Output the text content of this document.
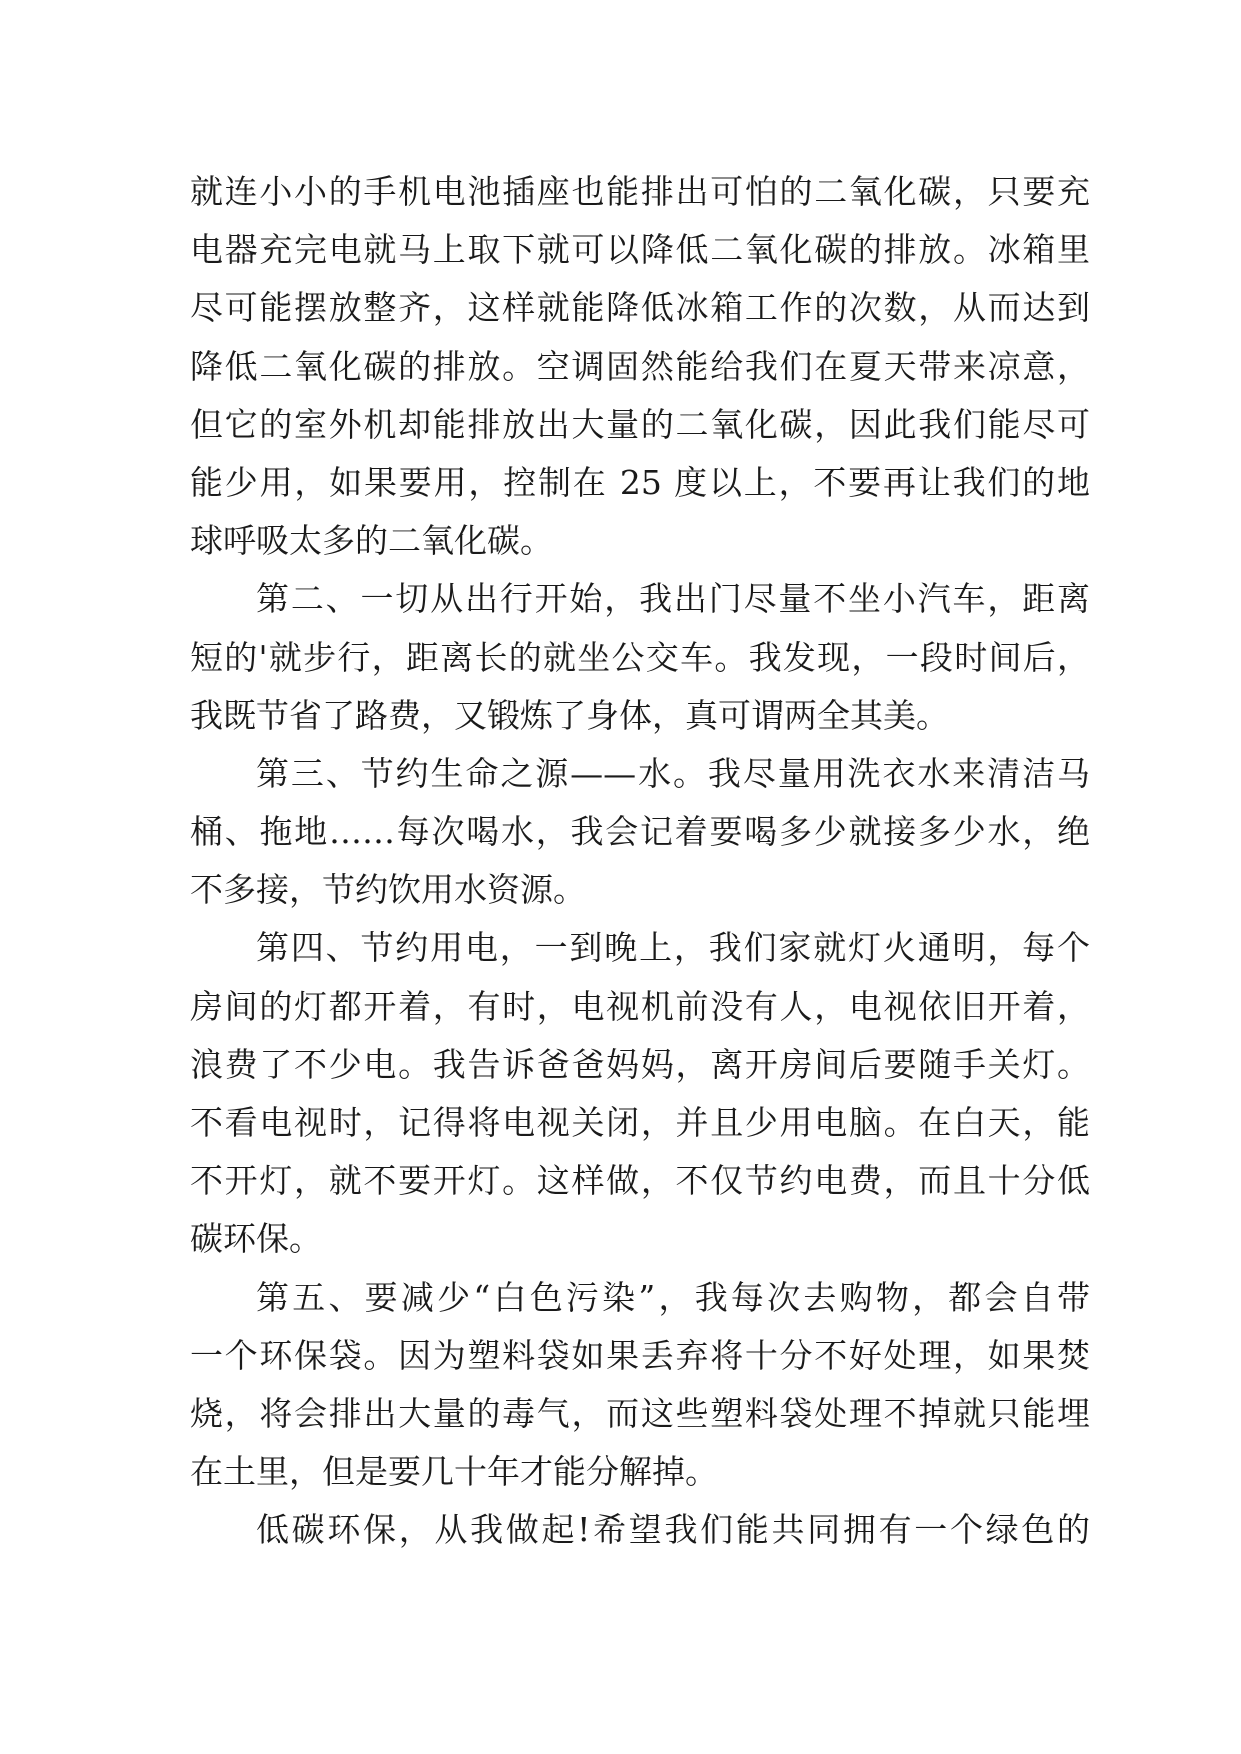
就连小小的手机电池插座也能排出可怕的二氧化碳，只要充
电器充完电就马上取下就可以降低二氧化碳的排放。冰箱里
尽可能摆放整齐，这样就能降低冰箱工作的次数，从而达到
降低二氧化碳的排放。空调固然能给我们在夏天带来凉意，
但它的室外机却能排放出大量的二氧化碳，因此我们能尽可
能少用，如果要用，控制在 25 度以上，不要再让我们的地
球呼吸太多的二氧化碳。
第二、一切从出行开始，我出门尽量不坐小汽车，距离
短的'就步行，距离长的就坐公交车。我发现，一段时间后，
我既节省了路费，又锻炼了身体，真可谓两全其美。
第三、节约生命之源——水。我尽量用洗衣水来清洁马
桶、拖地……每次喝水，我会记着要喝多少就接多少水，绝
不多接，节约饮用水资源。
第四、节约用电，一到晚上，我们家就灯火通明，每个
房间的灯都开着，有时，电视机前没有人，电视依旧开着，
浪费了不少电。我告诉爸爸妈妈，离开房间后要随手关灯。
不看电视时，记得将电视关闭，并且少用电脑。在白天，能
不开灯，就不要开灯。这样做，不仅节约电费，而且十分低
碳环保。
第五、要减少“白色污染”，我每次去购物，都会自带
一个环保袋。因为塑料袋如果丢弃将十分不好处理，如果焚
烧，将会排出大量的毒气，而这些塑料袋处理不掉就只能埋
在土里，但是要几十年才能分解掉。
低碳环保，从我做起!希望我们能共同拥有一个绿色的
